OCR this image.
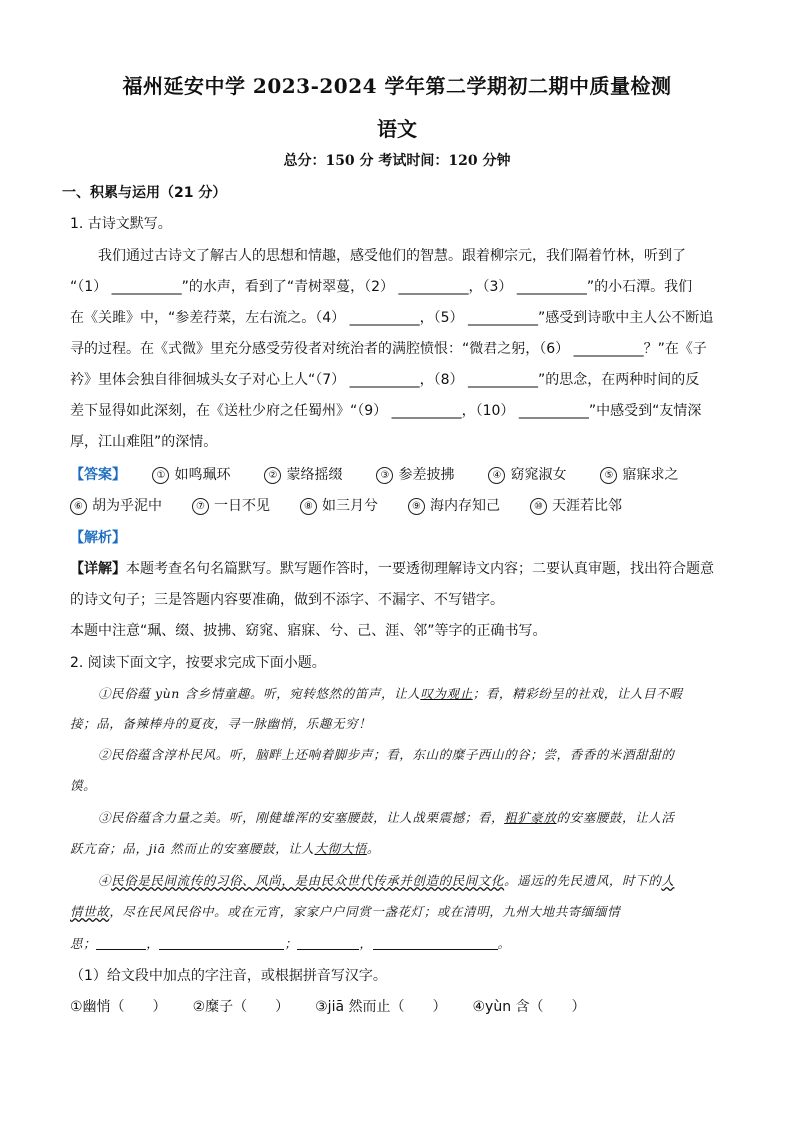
福州延安中学 2023-2024 学年第二学期初二期中质量检测
语文
总分：150 分 考试时间：120 分钟
一、积累与运用（21 分）
1. 古诗文默写。
我们通过古诗文了解古人的思想和情趣，感受他们的智慧。跟着柳宗元，我们隔着竹林，听到了
“（1） __________”的水声，看到了“青树翠蔓，（2） __________，（3） __________”的小石潭。我们
在《关雎》中，“参差荇菜，左右流之。（4） __________，（5） __________”感受到诗歌中主人公不断追
寻的过程。在《式微》里充分感受劳役者对统治者的满腔愤恨：“微君之躬，（6） __________？”在《子
衿》里体会独自徘徊城头女子对心上人“（7） __________，（8） __________”的思念，在两种时间的反
差下显得如此深刻，在《送杜少府之任蜀州》“（9） __________，（10） __________”中感受到“友情深
厚，江山难阻”的深情。
【答案】	① 如鸣珮环	② 蒙络摇缀	③ 参差披拂	④ 窈窕淑女	⑤ 寤寐求之
⑥ 胡为乎泥中	⑦ 一日不见	⑧ 如三月兮	⑨ 海内存知己	⑩ 天涯若比邻
【解析】
【详解】本题考查名句名篇默写。默写题作答时，一要透彻理解诗文内容；二要认真审题，找出符合题意
的诗文句子；三是答题内容要准确，做到不添字、不漏字、不写错字。
本题中注意“珮、缀、披拂、窈窕、寤寐、兮、己、涯、邻”等字的正确书写。
2. 阅读下面文字，按要求完成下面小题。
①民俗蕴 yùn 含乡情童趣。听，宛转悠然的笛声，让人叹为观止；看，精彩纷呈的社戏，让人目不暇
接；品，备辣棒舟的夏夜，寻一脉幽悄，乐趣无穷！
②民俗蕴含淳朴民风。听，脑畔上还响着脚步声；看，东山的糜子西山的谷；尝，香香的米酒甜甜的
馍。
③民俗蕴含力量之美。听，刚健雄浑的安塞腰鼓，让人战栗震撼；看，粗犷豪放的安塞腰鼓，让人活
跃亢奋；品，jiā 然而止的安塞腰鼓，让人大彻大悟。
④民俗是民间流传的习俗、风尚，是由民众世代传承并创造的民间文化。遥远的先民遗风，时下的人
情世故，尽在民风民俗中。或在元宵，家家户户同赏一盏花灯；或在清明，九州大地共寄缅缅情
思；	，	；	，	。
（1）给文段中加点的字注音，或根据拼音写汉字。
①幽悄（　　） ②糜子（　　） ③jiā 然而止（　　） ④yùn 含（　　）
